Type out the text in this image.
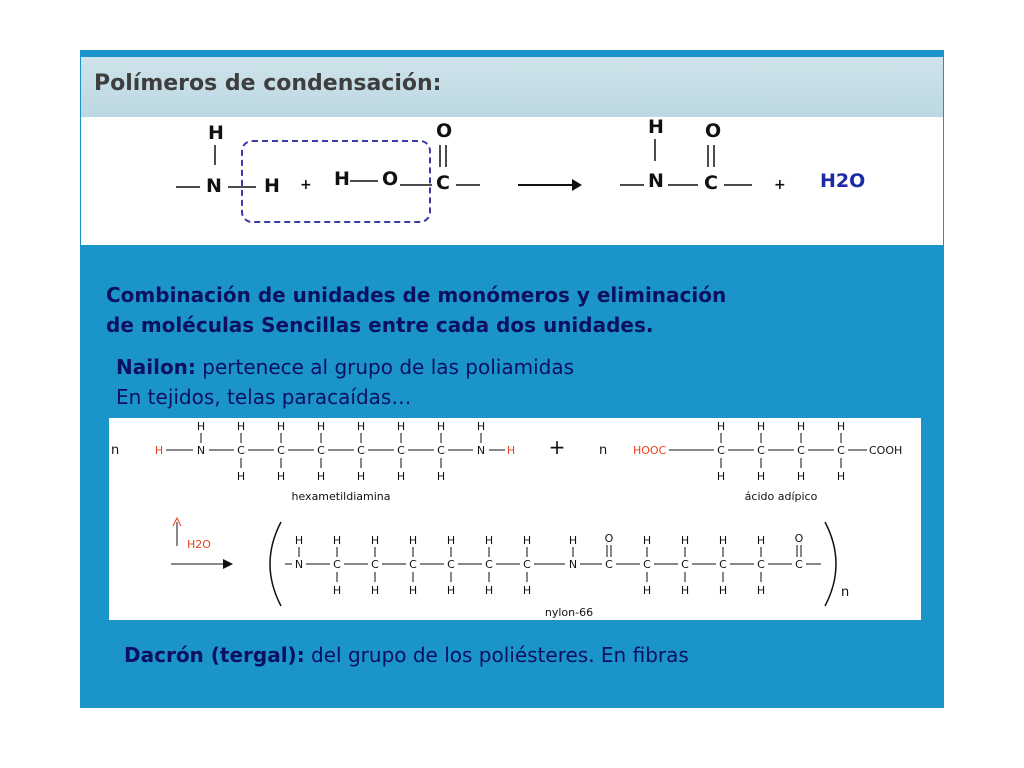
Polímeros de condensación:
H
N H + H O
O
C
H
N
O
C	+ H2O
Combinación de unidades de monómeros y eliminación
de moléculas Sencillas entre cada dos unidades.
Nailon: pertenece al grupo de las poliamidas
En tejidos, telas paracaídas…
n	H	N
H
C
H
H
C
H
H
C
H
H
C
H
H
C
H
H
C
H
H
N
H
H +	n HOOC	C
H
H
C
H
H
C
H
H
C
H
H
COOH
hexametildiamina	ácido adípico
H2O
n
N
H
C
H
H
C
H
H
C
H
H
C
H
H
C
H
H
C
H
H
N
H
C
O
C
H
H
C
H
H
C
H
H
C
H
H
C
O
nylon-66
Dacrón (tergal): del grupo de los poliésteres. En fibras
